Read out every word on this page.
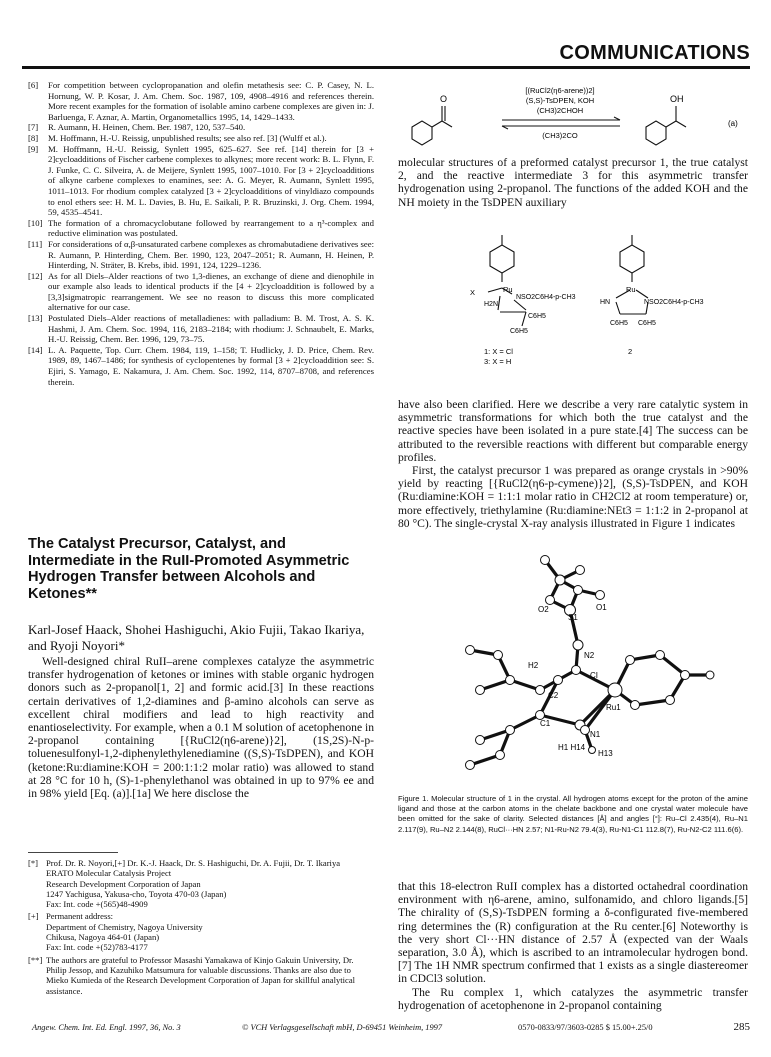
COMMUNICATIONS
[6]	For competition between cyclopropanation and olefin metathesis see: C. P. Casey, N. L. Hornung, W. P. Kosar, J. Am. Chem. Soc. 1987, 109, 4908–4916 and references therein. More recent examples for the formation of isolable amino carbene complexes are given in: J. Barluenga, F. Aznar, A. Martin, Organometallics 1995, 14, 1429–1433.
[7]	R. Aumann, H. Heinen, Chem. Ber. 1987, 120, 537–540.
[8]	M. Hoffmann, H.-U. Reissig, unpublished results; see also ref. [3] (Wulff et al.).
[9]	M. Hoffmann, H.-U. Reissig, Synlett 1995, 625–627. See ref. [14] therein for [3 + 2]cycloadditions of Fischer carbene complexes to alkynes; more recent work: B. L. Flynn, F. J. Funke, C. C. Silveira, A. de Meijere, Synlett 1995, 1007–1010. For [3 + 2]cycloadditions of alkyne carbene complexes to enamines, see: A. G. Meyer, R. Aumann, Synlett 1995, 1011–1013. For rhodium complex catalyzed [3 + 2]cycloadditions of vinyldiazo compounds to enol ethers see: H. M. L. Davies, B. Hu, E. Saikali, P. R. Bruzinski, J. Org. Chem. 1994, 59, 4535–4541.
[10] The formation of a chromacyclobutane followed by rearrangement to a η³-complex and reductive elimination was postulated.
[11] For considerations of α,β-unsaturated carbene complexes as chromabutadiene derivatives see: R. Aumann, P. Hinterding, Chem. Ber. 1990, 123, 2047–2051; R. Aumann, H. Heinen, P. Hinterding, N. Sträter, B. Krebs, ibid. 1991, 124, 1229–1236.
[12] As for all Diels–Alder reactions of two 1,3-dienes, an exchange of diene and dienophile in our example also leads to identical products if the [4 + 2]cycloaddition is followed by a [3,3]sigmatropic rearrangement. We see no reason to discuss this more complicated alternative for our case.
[13] Postulated Diels–Alder reactions of metalladienes: with palladium: B. M. Trost, A. S. K. Hashmi, J. Am. Chem. Soc. 1994, 116, 2183–2184; with rhodium: J. Schnaubelt, E. Marks, H.-U. Reissig, Chem. Ber. 1996, 129, 73–75.
[14] L. A. Paquette, Top. Curr. Chem. 1984, 119, 1–158; T. Hudlicky, J. D. Price, Chem. Rev. 1989, 89, 1467–1486; for synthesis of cyclopentenes by formal [3 + 2]cycloaddition see: S. Ejiri, S. Yamago, E. Nakamura, J. Am. Chem. Soc. 1992, 114, 8707–8708, and references therein.
The Catalyst Precursor, Catalyst, and Intermediate in the RuII-Promoted Asymmetric Hydrogen Transfer between Alcohols and Ketones**
Karl-Josef Haack, Shohei Hashiguchi, Akio Fujii, Takao Ikariya, and Ryoji Noyori*
Well-designed chiral RuII–arene complexes catalyze the asymmetric transfer hydrogenation of ketones or imines with stable organic hydrogen donors such as 2-propanol[1, 2] and formic acid.[3] In these reactions certain derivatives of 1,2-diamines and β-amino alcohols can serve as excellent chiral modifiers and lead to high reactivity and enantioselectivity. For example, when a 0.1 M solution of acetophenone in 2-propanol containing [{RuCl2(η6-arene)}2], (1S,2S)-N-p-toluenesulfonyl-1,2-diphenylethylenediamine ((S,S)-TsDPEN), and KOH (ketone:Ru:diamine:KOH = 200:1:1:2 molar ratio) was allowed to stand at 28 °C for 10 h, (S)-1-phenylethanol was obtained in up to 97% ee and in 98% yield [Eq. (a)].[1a] We here disclose the
[*] Prof. Dr. R. Noyori,[+] Dr. K.-J. Haack, Dr. S. Hashiguchi, Dr. A. Fujii, Dr. T. Ikariya
ERATO Molecular Catalysis Project
Research Development Corporation of Japan
1247 Yachigusa, Yakusa-cho, Toyota 470-03 (Japan)
Fax: Int. code +(565)48-4909
[+] Permanent address:
Department of Chemistry, Nagoya University
Chikusa, Nagoya 464-01 (Japan)
Fax: Int. code +(52)783-4177
[**] The authors are grateful to Professor Masashi Yamakawa of Kinjo Gakuin University, Dr. Philip Jessop, and Kazuhiko Matsumura for valuable discussions. Thanks are also due to Mieko Kumieda of the Research Development Corporation of Japan for skillful analytical assistance.
O
[(RuCl2(η6-arene))2]
(S,S)-TsDPEN, KOH
(CH3)2CHOH
(CH3)2CO
OH
(a)
molecular structures of a preformed catalyst precursor 1, the true catalyst 2, and the reactive intermediate 3 for this asymmetric transfer hydrogenation using 2-propanol. The functions of the added KOH and the NH moiety in the TsDPEN auxiliary
Ru
X
H2N
NSO2C6H4-p-CH3
C6H5
C6H5
1: X = Cl
3: X = H
Ru
HN	NSO2C6H4-p-CH3
C6H5 C6H5
2

have also been clarified. Here we describe a very rare catalytic system in asymmetric transformations for which both the true catalyst and the reactive species have been isolated in a pure state.[4] The success can be attributed to the reversible reactions with different but comparable energy profiles.

First, the catalyst precursor 1 was prepared as orange crystals in >90% yield by reacting [{RuCl2(η6-p-cymene)}2], (S,S)-TsDPEN, and KOH (Ru:diamine:KOH = 1:1:1 molar ratio in CH2Cl2 at room temperature) or, more effectively, triethylamine (Ru:diamine:NEt3 = 1:1:2 in 2-propanol at 80 °C). The single-crystal X-ray analysis illustrated in Figure 1 indicates

O2
S1
O1
N2
H2
C2
CI
C1
Ru1
N1
H1 H14
H13
Figure 1. Molecular structure of 1 in the crystal. All hydrogen atoms except for the proton of the amine ligand and those at the carbon atoms in the chelate backbone and one crystal water molecule have been omitted for the sake of clarity. Selected distances [Å] and angles [°]: Ru–Cl 2.435(4), Ru–N1 2.117(9), Ru–N2 2.144(8), RuCl···HN 2.57; N1-Ru-N2 79.4(3), Ru-N1-C1 112.8(7), Ru-N2-C2 111.6(6).

that this 18-electron RuII complex has a distorted octahedral coordination environment with η6-arene, amino, sulfonamido, and chloro ligands.[5] The chirality of (S,S)-TsDPEN forming a δ-configurated five-membered ring determines the (R) configuration at the Ru center.[6] Noteworthy is the very short Cl···HN distance of 2.57 Å (expected van der Waals separation, 3.0 Å), which is ascribed to an intramolecular hydrogen bond.[7] The 1H NMR spectrum confirmed that 1 exists as a single diastereomer in CDCl3 solution.

The Ru complex 1, which catalyzes the asymmetric transfer hydrogenation of acetophenone in 2-propanol containing

Angew. Chem. Int. Ed. Engl. 1997, 36, No. 3	© VCH Verlagsgesellschaft mbH, D-69451 Weinheim, 1997	0570-0833/97/3603-0285 $ 15.00+.25/0	285
